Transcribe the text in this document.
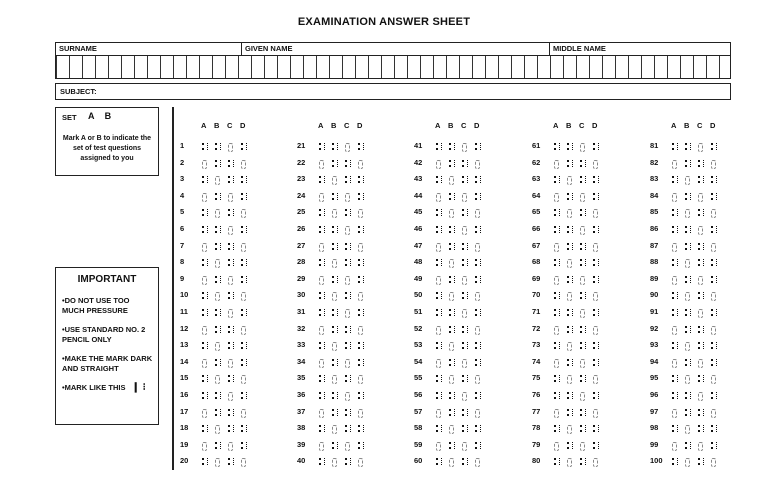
EXAMINATION ANSWER SHEET
SURNAME	GIVEN NAME	MIDDLE NAME
SUBJECT:
SET A B
Mark A or B to indicate the set of test questions assigned to you
IMPORTANT
•DO NOT USE TOO MUCH PRESSURE
•USE STANDARD NO. 2 PENCIL ONLY
•MAKE THE MARK DARK AND STRAIGHT
•MARK LIKE THIS ❙ ⁝
A B C D
1
2
3
4
5
6
7
8
9
10
11
12
13
14
15
16
17
18
19
20
A B C D
21
22
23
24
25
26
27
28
29
30
31
32
33
34
35
36
37
38
39
40
A B C D
41
42
43
44
45
46
47
48
49
50
51
52
53
54
55
56
57
58
59
60
A B C D
61
62
63
64
65
66
67
68
69
70
71
72
73
74
75
76
77
78
79
80
A B C D
81
82
83
84
85
86
87
88
89
90
91
92
93
94
95
96
97
98
99
100
